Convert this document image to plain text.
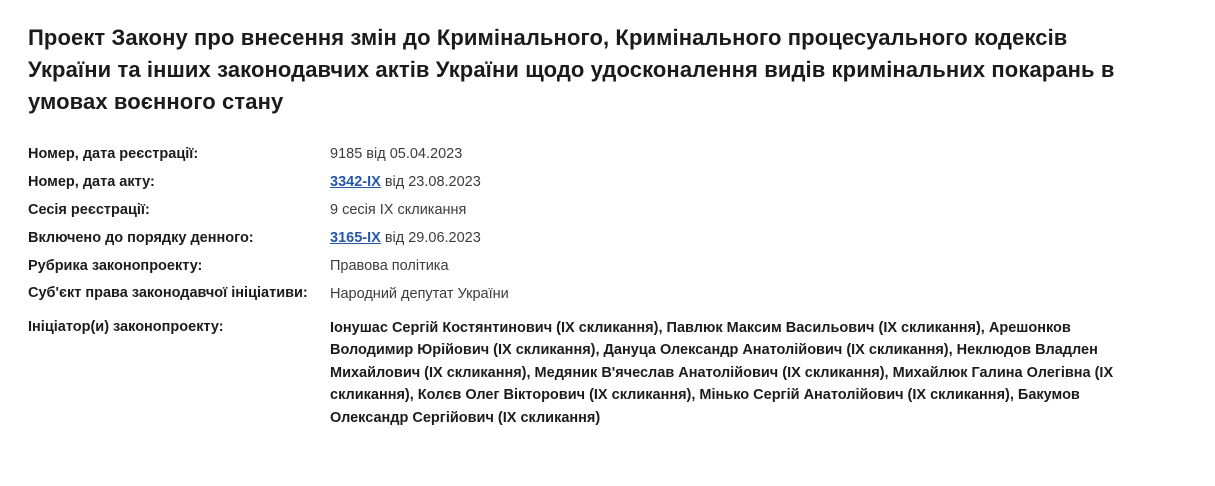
Проект Закону про внесення змін до Кримінального, Кримінального процесуального кодексів України та інших законодавчих актів України щодо удосконалення видів кримінальних покарань в умовах воєнного стану
Номер, дата реєстрації:	9185 від 05.04.2023
Номер, дата акту:	3342-IX від 23.08.2023
Сесія реєстрації:	9 сесія IX скликання
Включено до порядку денного:	3165-IX від 29.06.2023
Рубрика законопроекту:	Правова політика
Суб'єкт права законодавчої ініціативи:	Народний депутат України
Ініціатор(и) законопроекту:	Іонушас Сергій Костянтинович (IX скликання), Павлюк Максим Васильович (IX скликання), Арешонков Володимир Юрійович (IX скликання), Дануца Олександр Анатолійович (IX скликання), Неклюдов Владлен Михайлович (IX скликання), Медяник В'ячеслав Анатолійович (IX скликання), Михайлюк Галина Олегівна (IX скликання), Колєв Олег Вікторович (IX скликання), Мінько Сергій Анатолійович (IX скликання), Бакумов Олександр Сергійович (IX скликання)
